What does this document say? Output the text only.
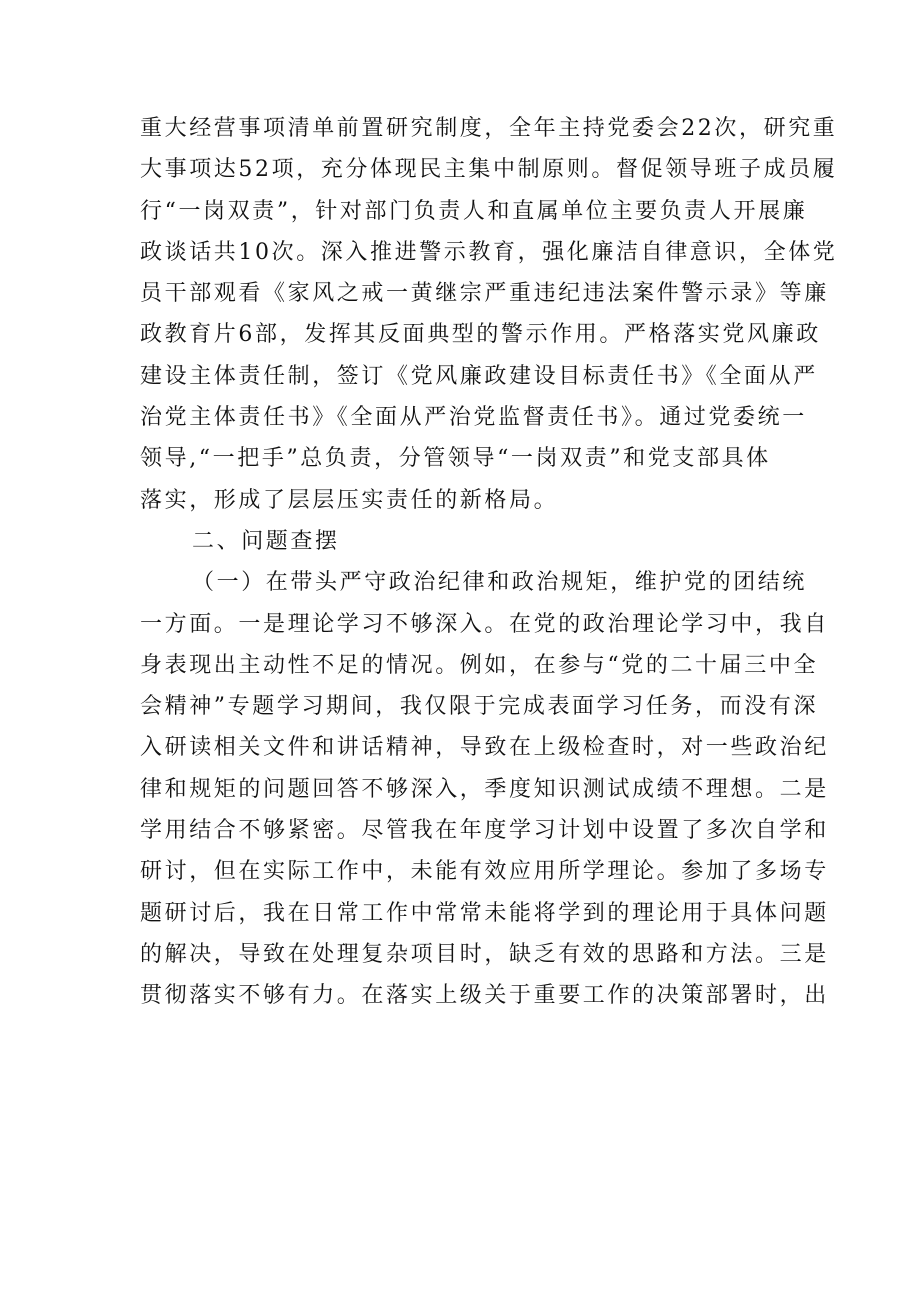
重大经营事项清单前置研究制度，全年主持党委会22次，研究重
大事项达52项，充分体现民主集中制原则。督促领导班子成员履
行“一岗双责”，针对部门负责人和直属单位主要负责人开展廉
政谈话共10次。深入推进警示教育，强化廉洁自律意识，全体党
员干部观看《家风之戒一黄继宗严重违纪违法案件警示录》等廉
政教育片6部，发挥其反面典型的警示作用。严格落实党风廉政
建设主体责任制，签订《党风廉政建设目标责任书》《全面从严
治党主体责任书》《全面从严治党监督责任书》。通过党委统一
领导,“一把手”总负责，分管领导“一岗双责”和党支部具体
落实，形成了层层压实责任的新格局。
二、问题查摆
（一）在带头严守政治纪律和政治规矩，维护党的团结统
一方面。一是理论学习不够深入。在党的政治理论学习中，我自
身表现出主动性不足的情况。例如，在参与“党的二十届三中全
会精神”专题学习期间，我仅限于完成表面学习任务，而没有深
入研读相关文件和讲话精神，导致在上级检查时，对一些政治纪
律和规矩的问题回答不够深入，季度知识测试成绩不理想。二是
学用结合不够紧密。尽管我在年度学习计划中设置了多次自学和
研讨，但在实际工作中，未能有效应用所学理论。参加了多场专
题研讨后，我在日常工作中常常未能将学到的理论用于具体问题
的解决，导致在处理复杂项目时，缺乏有效的思路和方法。三是
贯彻落实不够有力。在落实上级关于重要工作的决策部署时，出
